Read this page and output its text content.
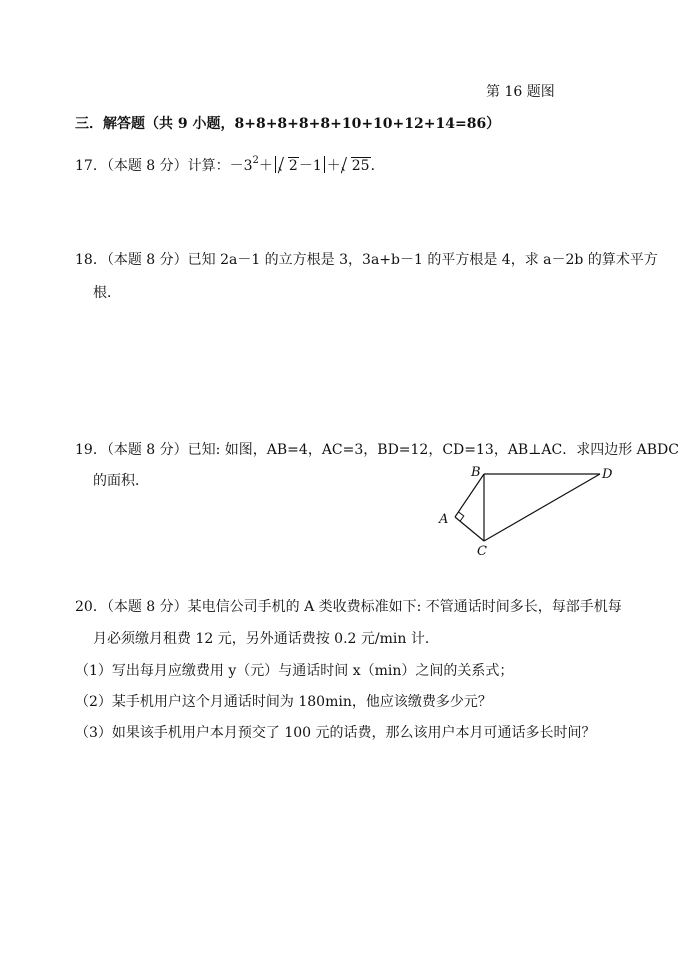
第 16 题图
三．解答题（共 9 小题，8+8+8+8+8+10+10+12+14=86）
17．（本题 8 分）计算：$-3^2+ 2-1 + 25$．
18．（本题 8 分）已知 2a－1 的立方根是 3，3a+b－1 的平方根是 4，求 a－2b 的算术平方
根．
19．（本题 8 分）已知: 如图，AB=4，AC=3，BD=12，CD=13，AB⊥AC．求四边形 ABDC
的面积．
A
B
C
D
20．（本题 8 分）某电信公司手机的 A 类收费标准如下: 不管通话时间多长，每部手机每
月必须缴月租费 12 元，另外通话费按 0.2 元/min 计．
（1）写出每月应缴费用 y（元）与通话时间 x（min）之间的关系式；
（2）某手机用户这个月通话时间为 180min，他应该缴费多少元？
（3）如果该手机用户本月预交了 100 元的话费，那么该用户本月可通话多长时间？
